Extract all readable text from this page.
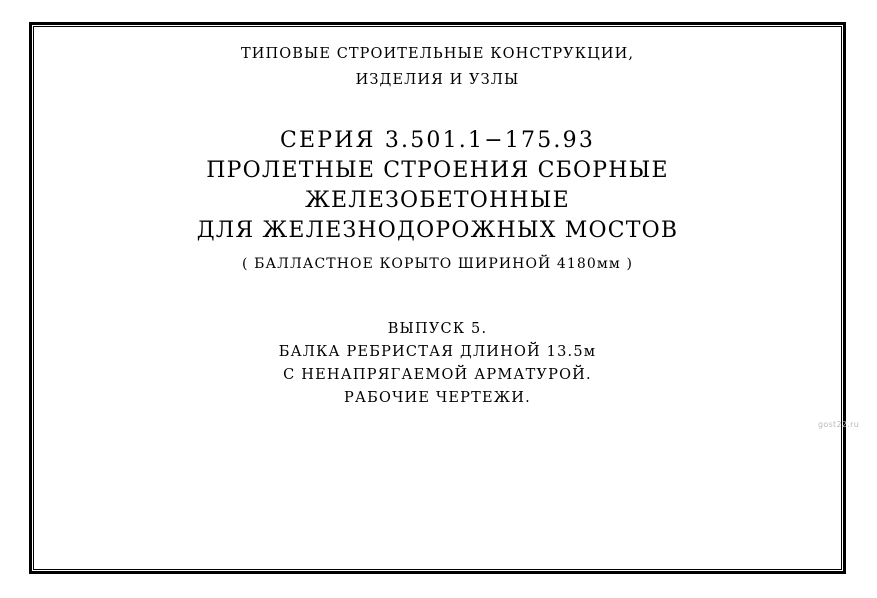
ТИПОВЫЕ СТРОИТЕЛЬНЫЕ КОНСТРУКЦИИ,
ИЗДЕЛИЯ И УЗЛЫ
СЕРИЯ 3.501.1−175.93
ПРОЛЕТНЫЕ СТРОЕНИЯ СБОРНЫЕ
ЖЕЛЕЗОБЕТОННЫЕ
ДЛЯ ЖЕЛЕЗНОДОРОЖНЫХ МОСТОВ
( БАЛЛАСТНОЕ КОРЫТО ШИРИНОЙ 4180мм )
ВЫПУСК 5.
БАЛКА РЕБРИСТАЯ ДЛИНОЙ 13.5м
С НЕНАПРЯГАЕМОЙ АРМАТУРОЙ.
РАБОЧИЕ ЧЕРТЕЖИ.
gost22.ru
